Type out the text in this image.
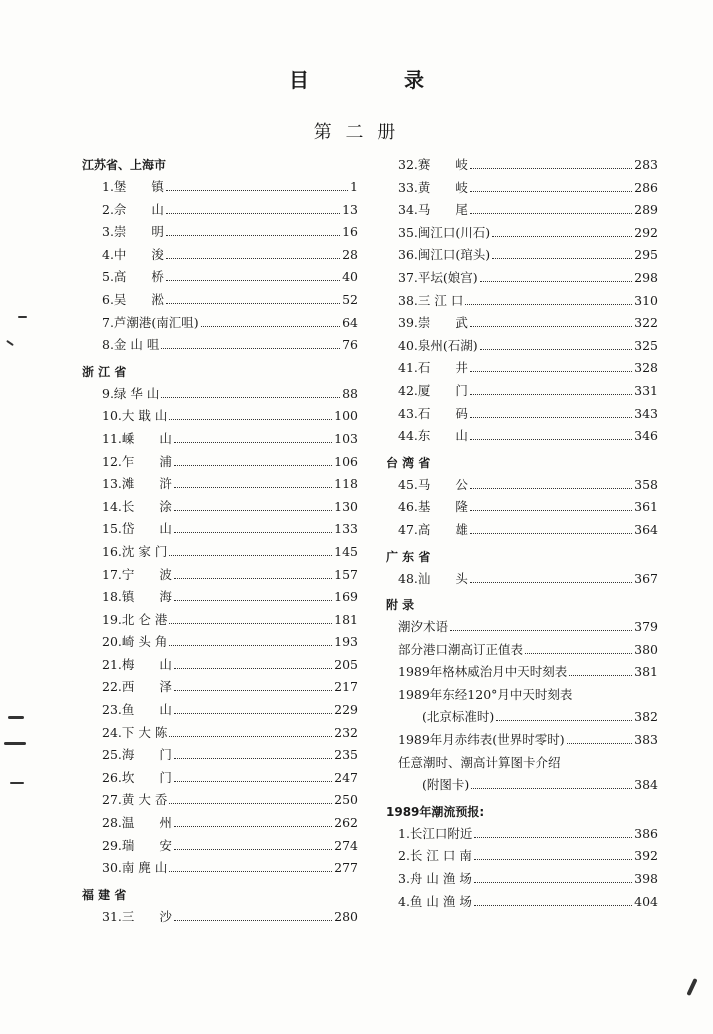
目 录
第 二 册
江苏省、上海市
1.堡　　镇	1
2.佘　　山	13
3.崇　　明	16
4.中　　浚	28
5.高　　桥	40
6.吴　　淞	52
7.芦潮港(南汇咀)	64
8.金 山 咀	76
浙 江 省
9.绿 华 山	88
10.大 戢 山	100
11.嵊　　山	103
12.乍　　浦	106
13.滩　　浒	118
14.长　　涂	130
15.岱　　山	133
16.沈 家 门	145
17.宁　　波	157
18.镇　　海	169
19.北 仑 港	181
20.崎 头 角	193
21.梅　　山	205
22.西　　泽	217
23.鱼　　山	229
24.下 大 陈	232
25.海　　门	235
26.坎　　门	247
27.黄 大 岙	250
28.温　　州	262
29.瑞　　安	274
30.南 麂 山	277
福 建 省
31.三　　沙	280
32.赛　　岐	283
33.黄　　岐	286
34.马　　尾	289
35.闽江口(川石)	292
36.闽江口(琯头)	295
37.平坛(娘宫)	298
38.三 江 口	310
39.崇　　武	322
40.泉州(石湖)	325
41.石　　井	328
42.厦　　门	331
43.石　　码	343
44.东　　山	346
台 湾 省
45.马　　公	358
46.基　　隆	361
47.高　　雄	364
广 东 省
48.汕　　头	367
附 录
潮汐术语	379
部分港口潮高订正值表	380
1989年格林威治月中天时刻表	381
1989年东经120°月中天时刻表
(北京标准时)	382
1989年月赤纬表(世界时零时)	383
任意潮时、潮高计算图卡介绍
(附图卡)	384
1989年潮流预报:
1.长江口附近	386
2.长 江 口 南	392
3.舟 山 渔 场	398
4.鱼 山 渔 场	404
